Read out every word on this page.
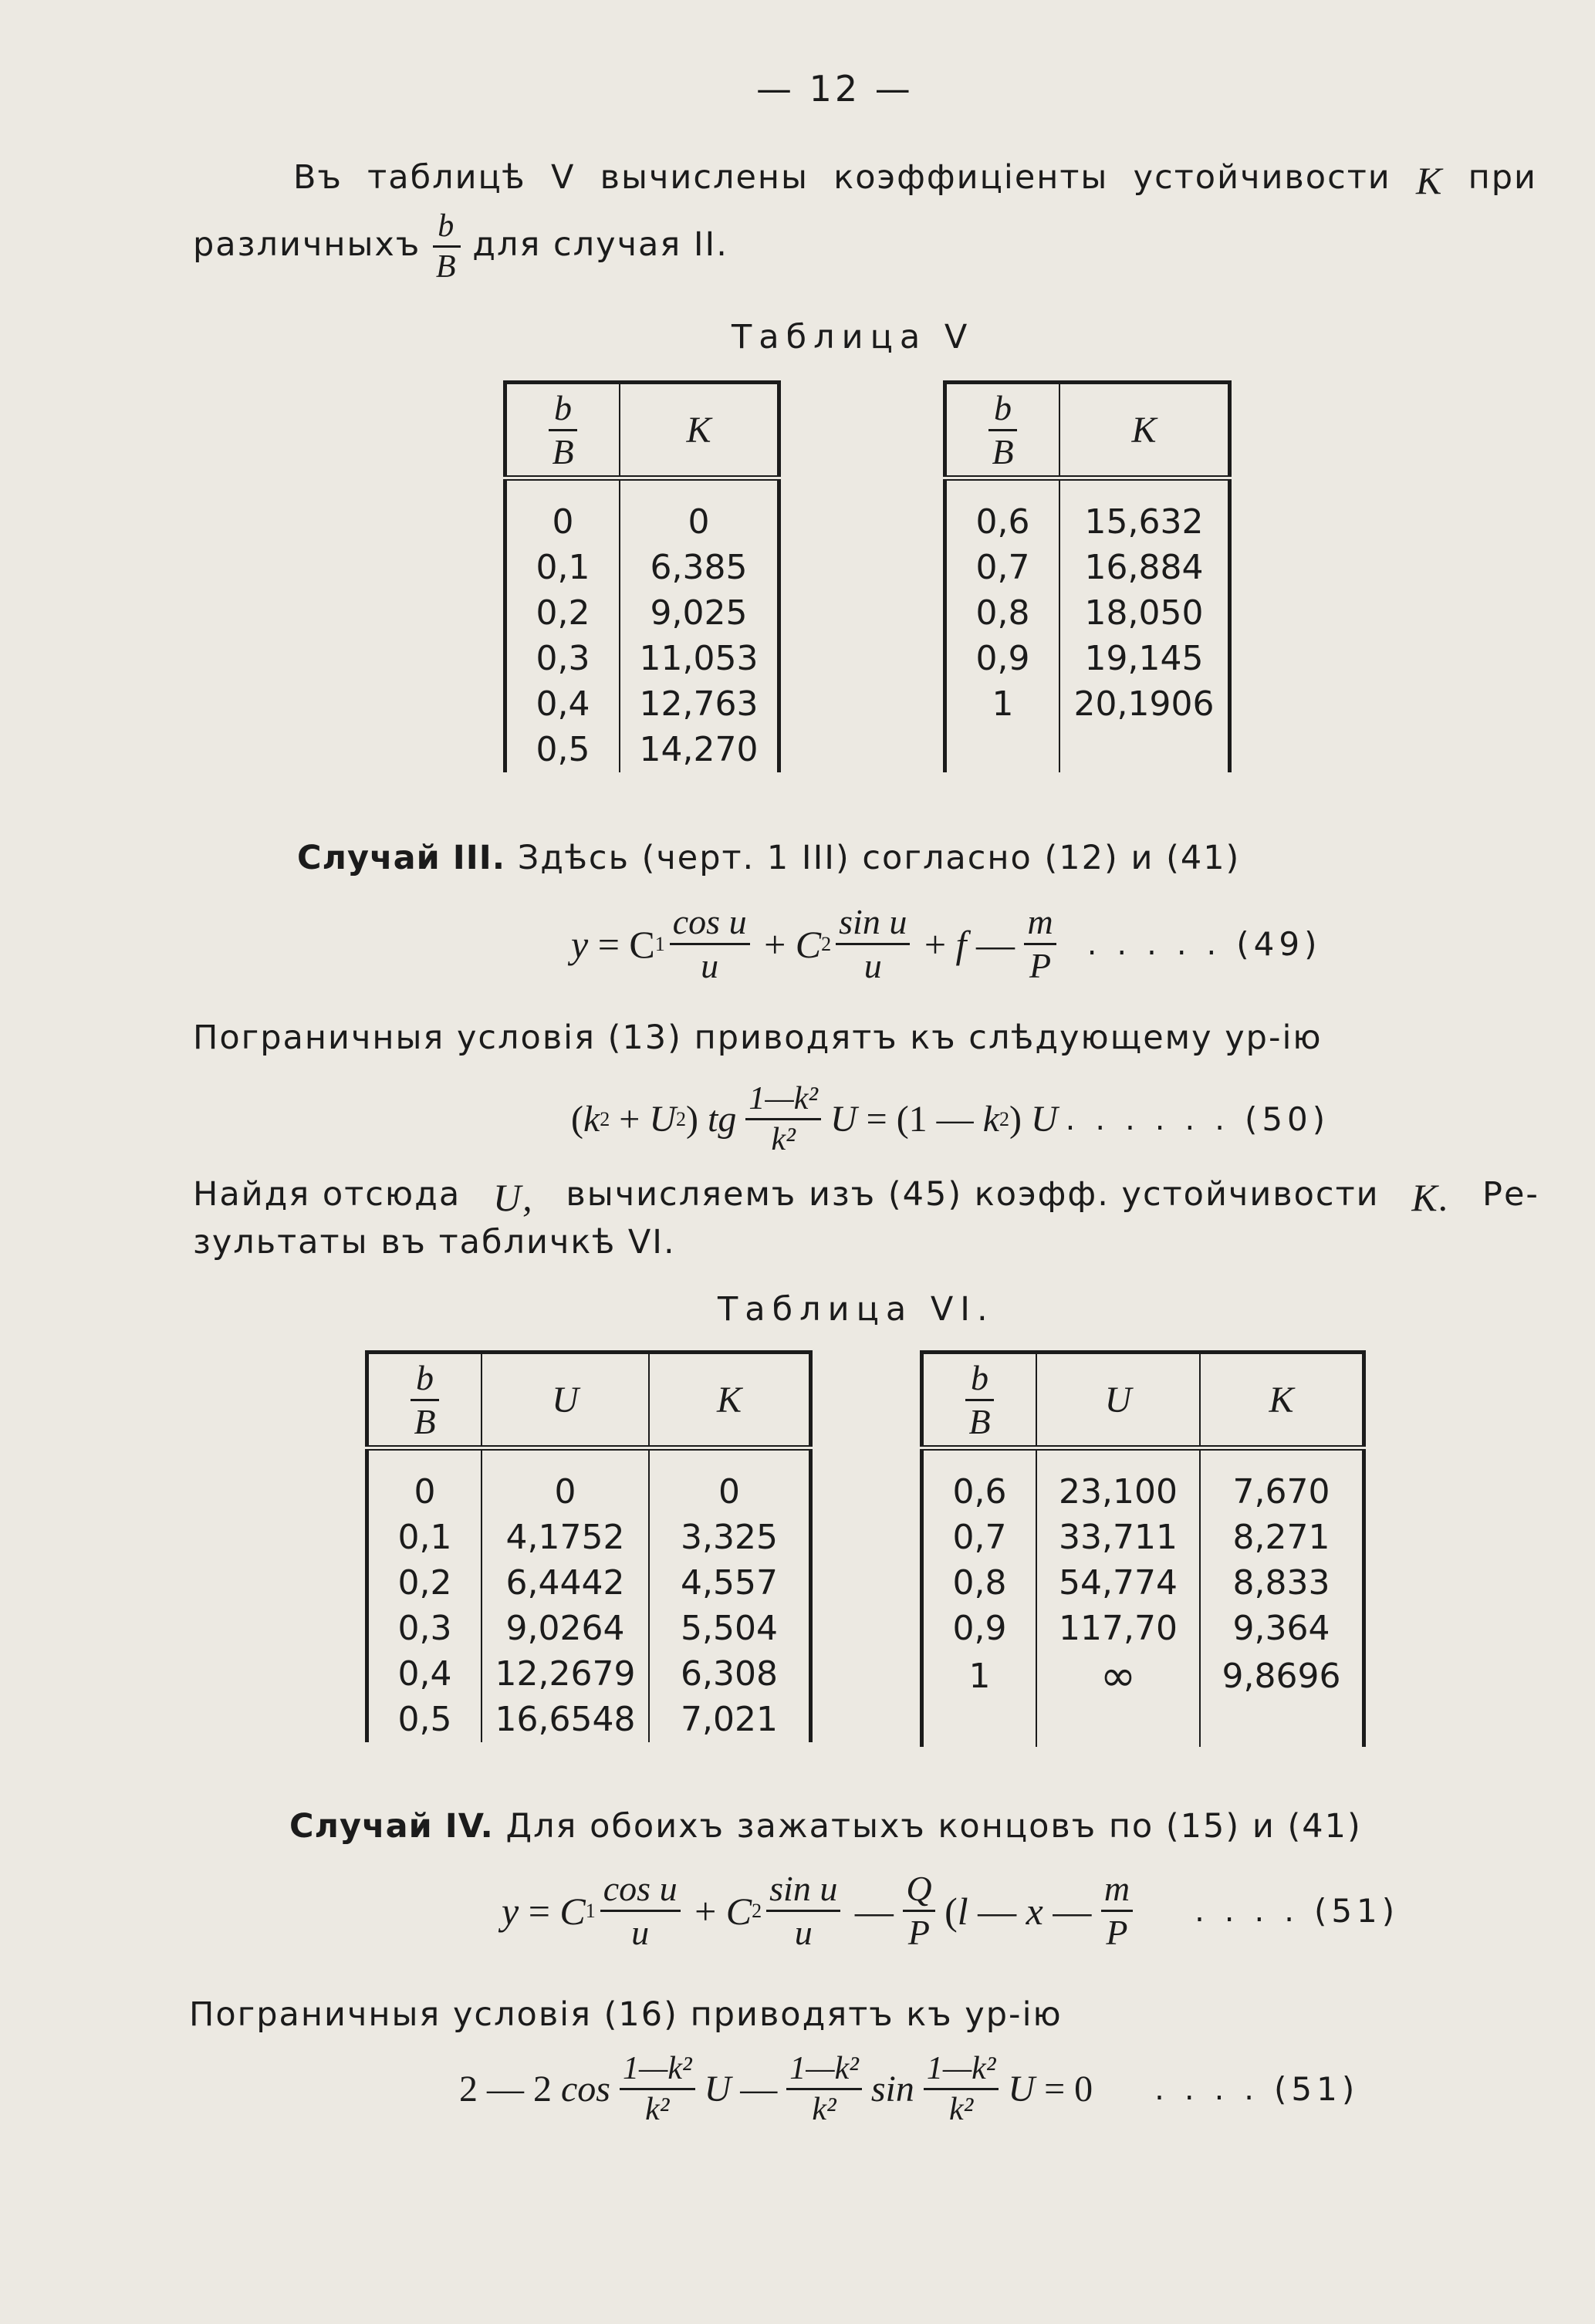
— 12 —
Въ таблицѣ V вычислены коэффиціенты устойчивости K при
различныхъ $\frac{b}{B}$ для случая II.
Таблица V
$\frac{b}{B}$	K
0	0
0,1	6,385
0,2	9,025
0,3	11,053
0,4	12,763
0,5	14,270
$\frac{b}{B}$	K
0,6	15,632
0,7	16,884
0,8	18,050
0,9	19,145
1	20,1906

Случай III. Здѣсь (черт. 1 III) согласно (12) и (41)
y = C $1 \frac{\text{cos u}}{u} + C$ $2 \frac{\text{sin u}}{u} + f$ — $\frac{m}{P}$ ..... (49)
Пограничныя условія (13) приводятъ къ слѣдующему ур-ію
( k 2 + U 2 ) tg $\frac{\text{1—k²}}{\text{k²}}$ U = (1 — k 2 ) U ...... (50)
Найдя отсюда U, вычисляемъ изъ (45) коэфф. устойчивости K. Ре-
зультаты въ табличкѣ VI.
Таблица VI.
$\frac{b}{B}$	U	K
0	0	0
0,1	4,1752	3,325
0,2	6,4442	4,557
0,3	9,0264	5,504
0,4	12,2679	6,308
0,5	16,6548	7,021
$\frac{b}{B}$	U	K
0,6	23,100	7,670
0,7	33,711	8,271
0,8	54,774	8,833
0,9	117,70	9,364
1	∞	9,8696

Случай IV. Для обоихъ зажатыхъ концовъ по (15) и (41)
y = C $1 \frac{\text{cos u}}{u} + C$ $2 \frac{\text{sin u}}{u}$ — $\frac{Q}{P}$ ( l — x — $\frac{m}{P}$ .... (51)
Пограничныя условія (16) приводятъ къ ур-ію
2 — 2 $\cos \frac{\text{1—k²}}{\text{k²}}$ U — $\frac{\text{1—k²}}{\text{k²}}$ $\sin \frac{\text{1—k²}}{\text{k²}}$ U = 0 .... (51)
